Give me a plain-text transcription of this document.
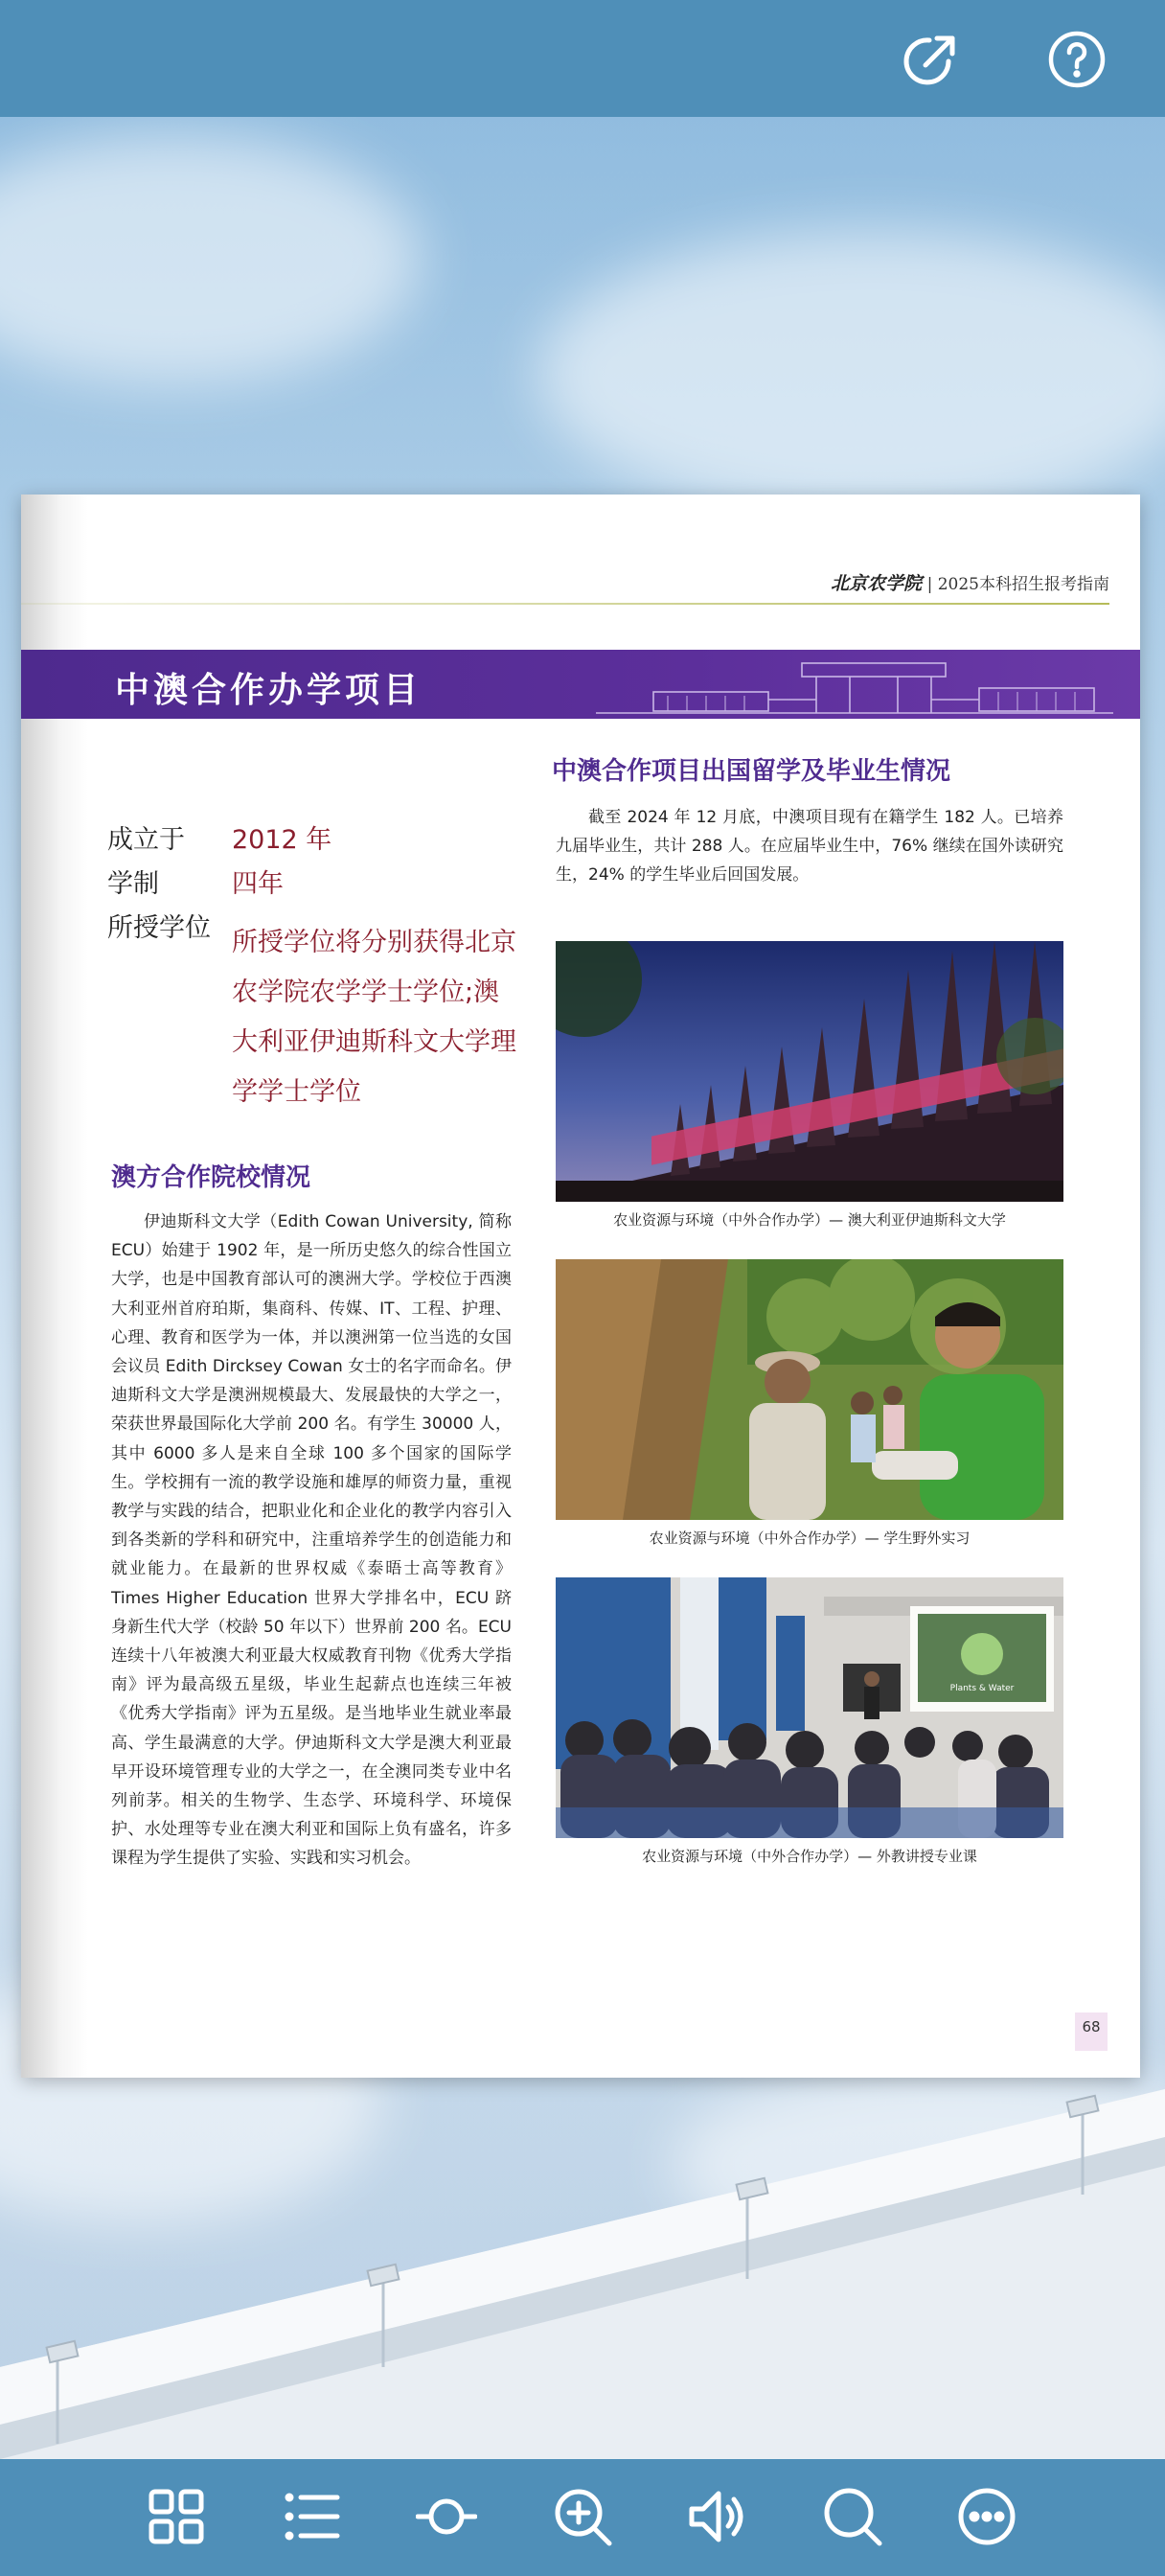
北京农学院 | 2025本科招生报考指南
中澳合作办学项目
成立于 2012 年
学制	四年
所授学位 所授学位将分别获得北京农学院农学学士学位;澳大利亚伊迪斯科文大学理学学士学位
澳方合作院校情况
伊迪斯科文大学（Edith Cowan University, 简称ECU）始建于 1902 年，是一所历史悠久的综合性国立大学，也是中国教育部认可的澳洲大学。学校位于西澳大利亚州首府珀斯，集商科、传媒、IT、工程、护理、心理、教育和医学为一体，并以澳洲第一位当选的女国会议员 Edith Dircksey Cowan 女士的名字而命名。伊迪斯科文大学是澳洲规模最大、发展最快的大学之一，荣获世界最国际化大学前 200 名。有学生 30000 人，其中 6000 多人是来自全球 100 多个国家的国际学生。学校拥有一流的教学设施和雄厚的师资力量，重视教学与实践的结合，把职业化和企业化的教学内容引入到各类新的学科和研究中，注重培养学生的创造能力和就业能力。在最新的世界权威《泰晤士高等教育》Times Higher Education 世界大学排名中，ECU 跻身新生代大学（校龄 50 年以下）世界前 200 名。ECU 连续十八年被澳大利亚最大权威教育刊物《优秀大学指南》评为最高级五星级，毕业生起薪点也连续三年被《优秀大学指南》评为五星级。是当地毕业生就业率最高、学生最满意的大学。伊迪斯科文大学是澳大利亚最早开设环境管理专业的大学之一，在全澳同类专业中名列前茅。相关的生物学、生态学、环境科学、环境保护、水处理等专业在澳大利亚和国际上负有盛名，许多课程为学生提供了实验、实践和实习机会。
中澳合作项目出国留学及毕业生情况
截至 2024 年 12 月底，中澳项目现有在籍学生 182 人。已培养九届毕业生，共计 288 人。在应届毕业生中，76% 继续在国外读研究生，24% 的学生毕业后回国发展。
农业资源与环境（中外合作办学）— 澳大利亚伊迪斯科文大学
农业资源与环境（中外合作办学）— 学生野外实习
Plants & Water
农业资源与环境（中外合作办学）— 外教讲授专业课
68
